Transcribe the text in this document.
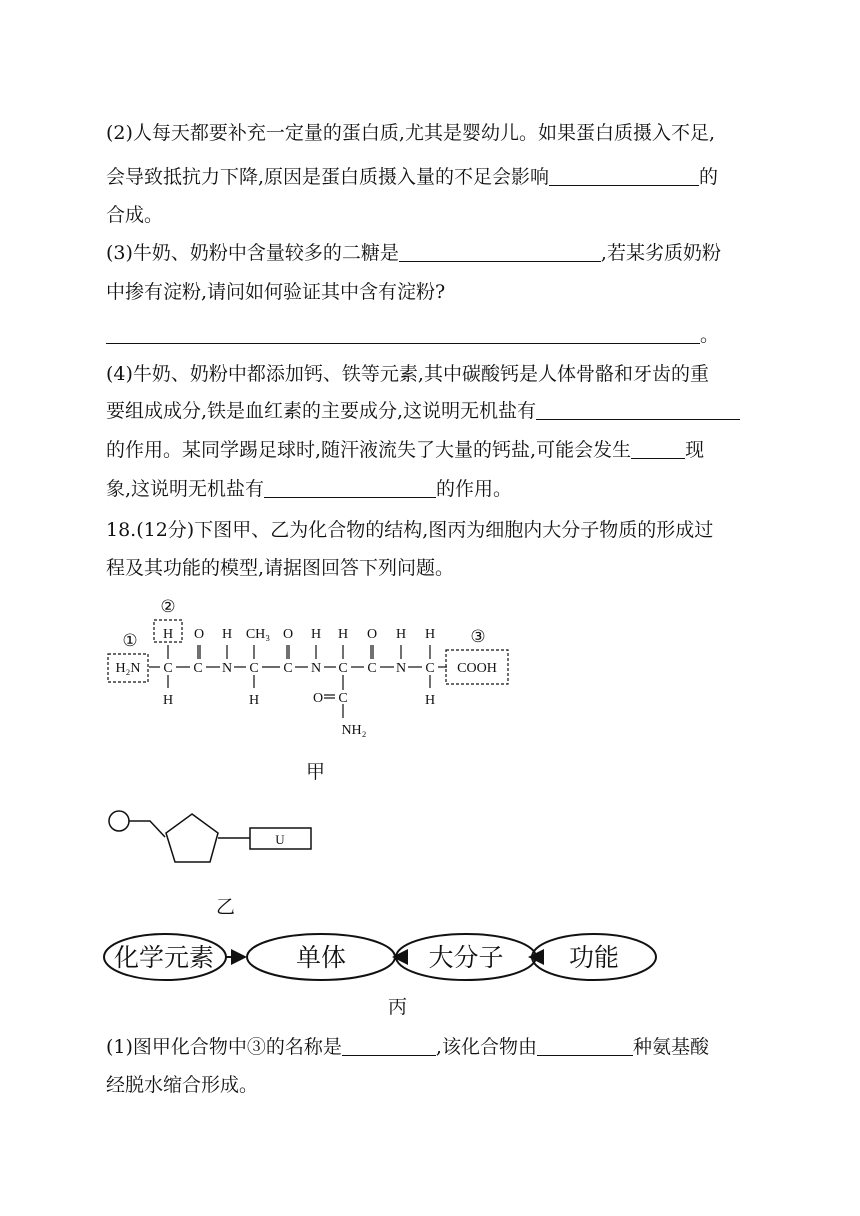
(2)人每天都要补充一定量的蛋白质,尤其是婴幼儿。如果蛋白质摄入不足,
会导致抵抗力下降,原因是蛋白质摄入量的不足会影响	的
合成。
(3)牛奶、奶粉中含量较多的二糖是	,若某劣质奶粉
中掺有淀粉,请问如何验证其中含有淀粉?
。
(4)牛奶、奶粉中都添加钙、铁等元素,其中碳酸钙是人体骨骼和牙齿的重
要组成成分,铁是血红素的主要成分,这说明无机盐有
的作用。某同学踢足球时,随汗液流失了大量的钙盐,可能会发生	现
象,这说明无机盐有	的作用。
18.(12分)下图甲、乙为化合物的结构,图丙为细胞内大分子物质的形成过
程及其功能的模型,请据图回答下列问题。
①
②
③
H O H CH₃ O H H O H H
H₂N C C N C C N C C N C COOH
H	H	H
O C
NH₂
甲
U
乙
化学元素	单体	大分子	功能
丙
(1)图甲化合物中③的名称是	,该化合物由	种氨基酸
经脱水缩合形成。
